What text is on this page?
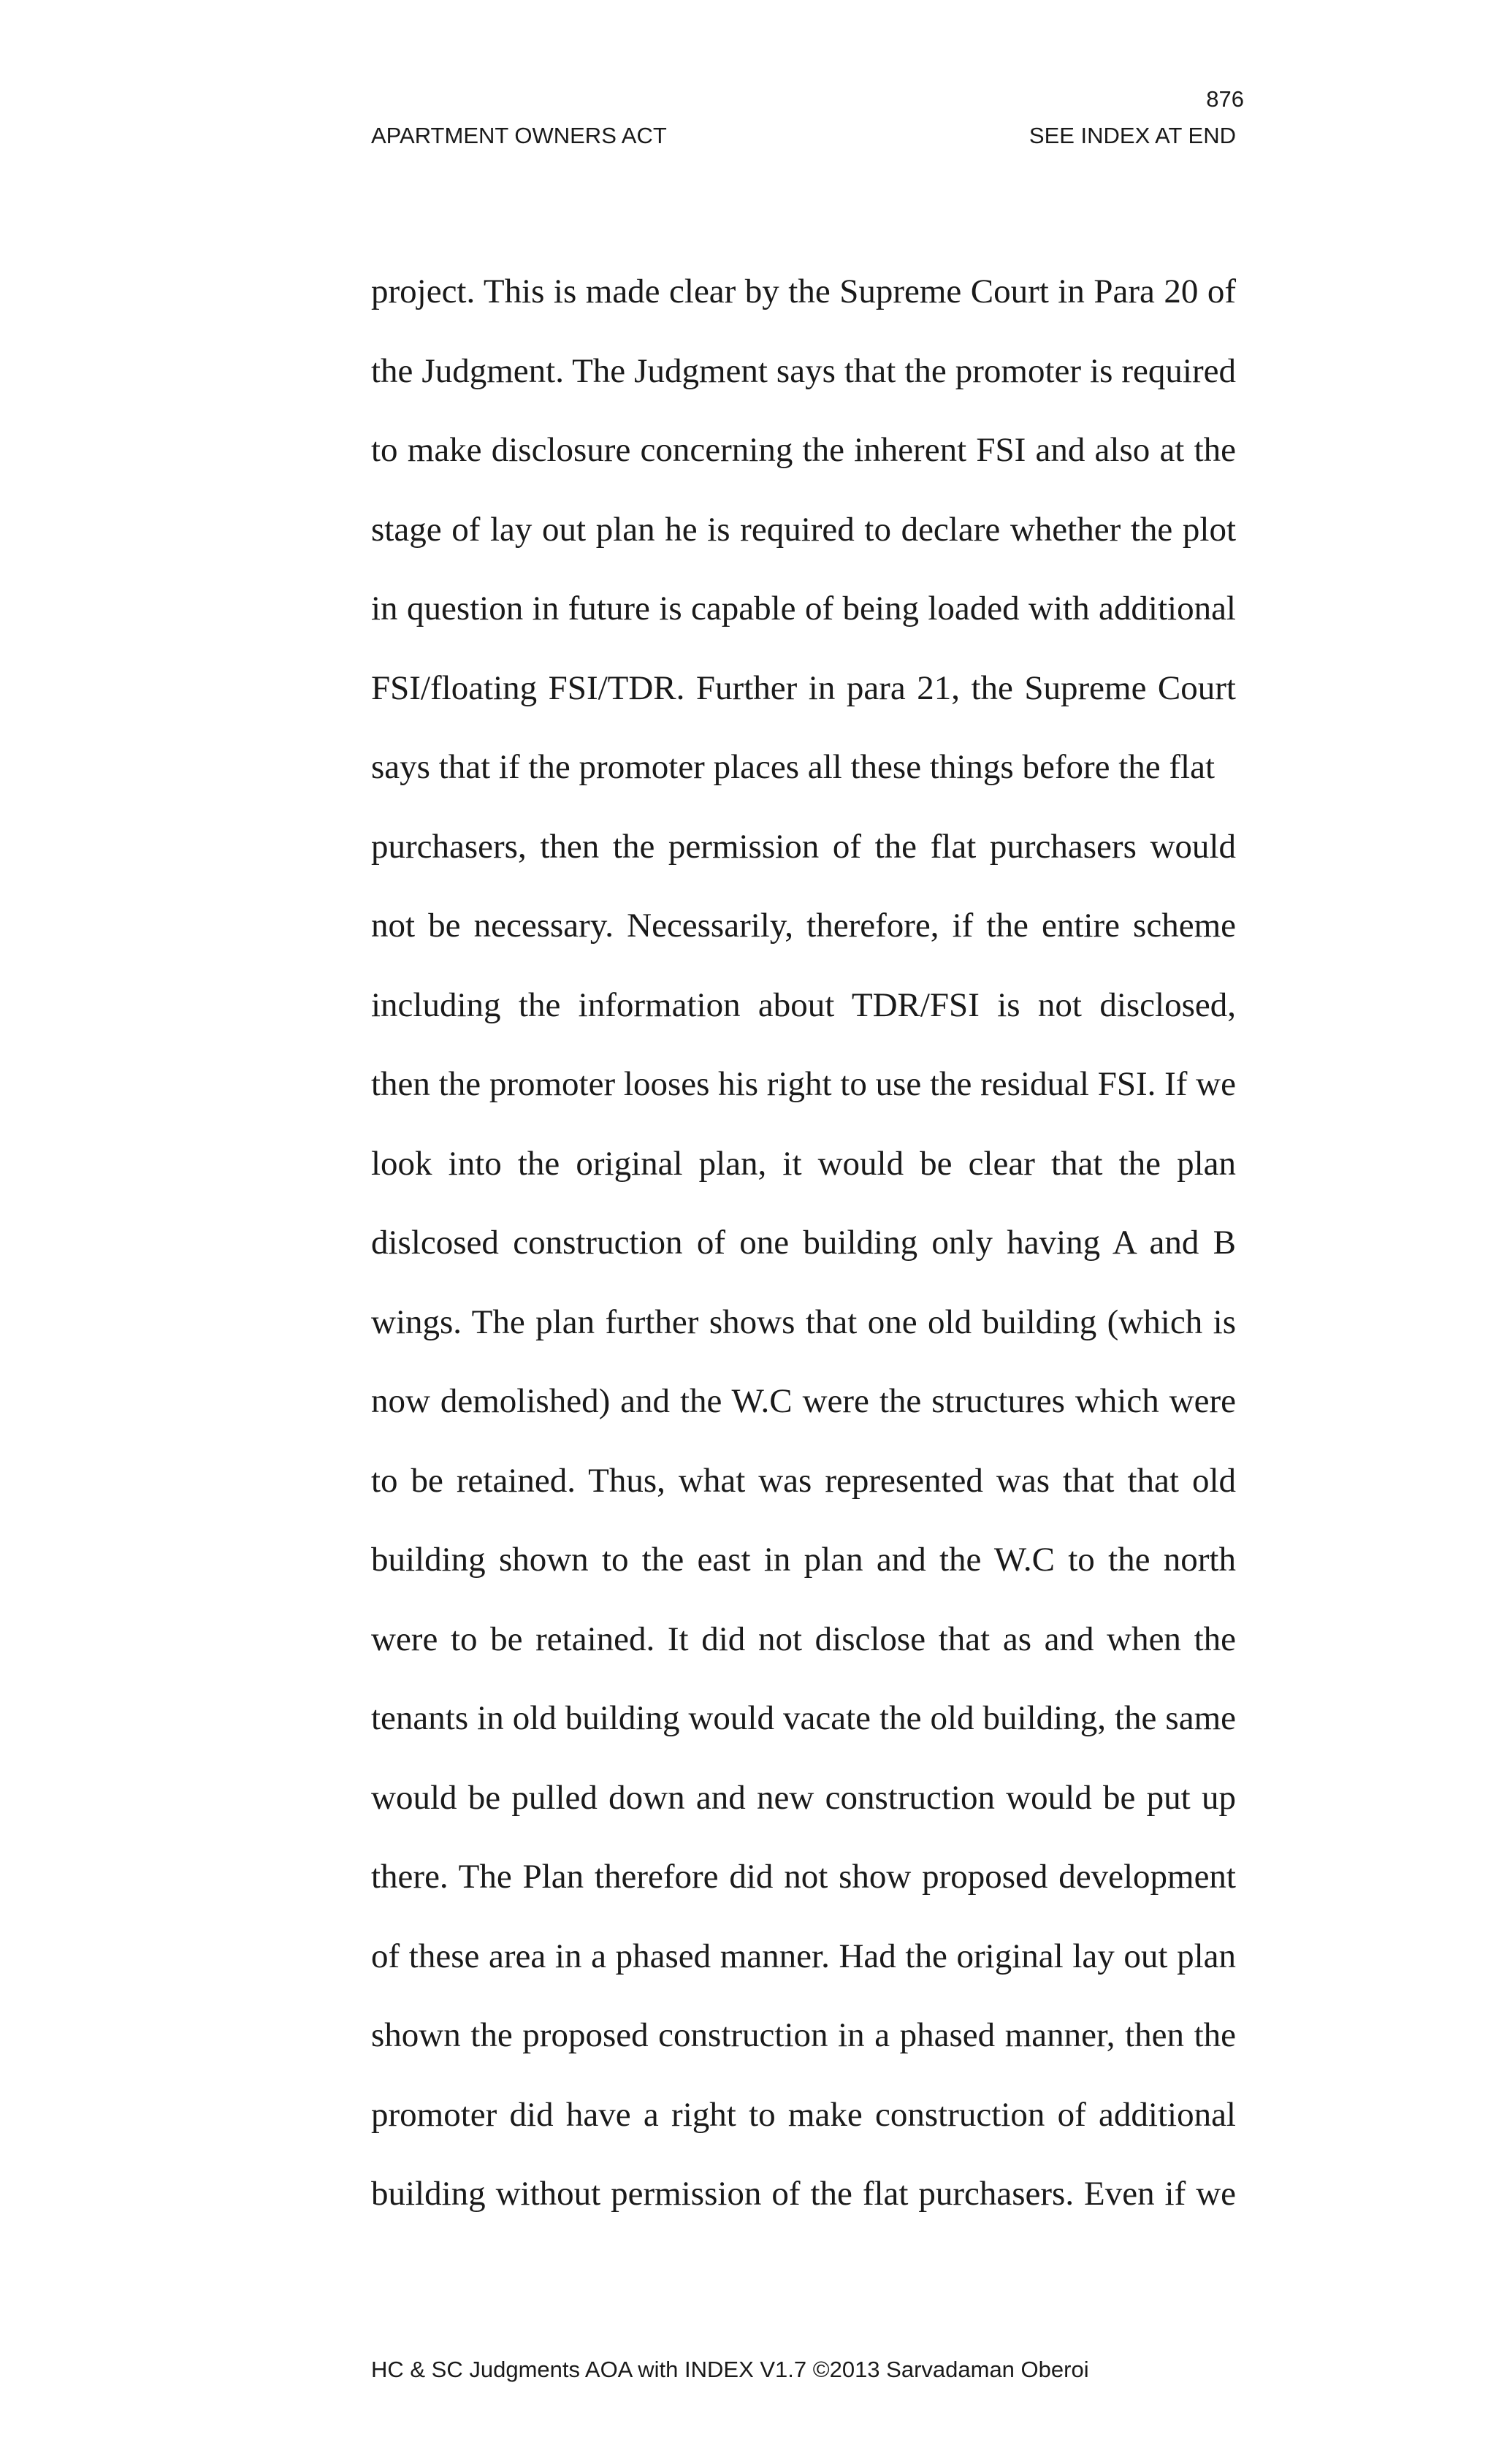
876
APARTMENT OWNERS ACT	SEE INDEX AT END

project. This is made clear by the Supreme Court in Para 20 of
the Judgment. The Judgment says that the promoter is required
to make disclosure concerning the inherent FSI and also at the
stage of lay out plan he is required to declare whether the plot
in question in future is capable of being loaded with additional
FSI/floating FSI/TDR. Further in para 21, the Supreme Court
says that if the promoter places all these things before the flat
purchasers, then the permission of the flat purchasers would
not be necessary. Necessarily, therefore, if the entire scheme
including the information about TDR/FSI is not disclosed,
then the promoter looses his right to use the residual FSI. If we
look into the original plan, it would be clear that the plan
dislcosed construction of one building only having A and B
wings. The plan further shows that one old building (which is
now demolished) and the W.C were the structures which were
to be retained. Thus, what was represented was that that old
building shown to the east in plan and the W.C to the north
were to be retained. It did not disclose that as and when the
tenants in old building would vacate the old building, the same
would be pulled down and new construction would be put up
there. The Plan therefore did not show proposed development
of these area in a phased manner. Had the original lay out plan
shown the proposed construction in a phased manner, then the
promoter did have a right to make construction of additional
building without permission of the flat purchasers. Even if we

HC & SC Judgments AOA with INDEX V1.7 ©2013 Sarvadaman Oberoi
